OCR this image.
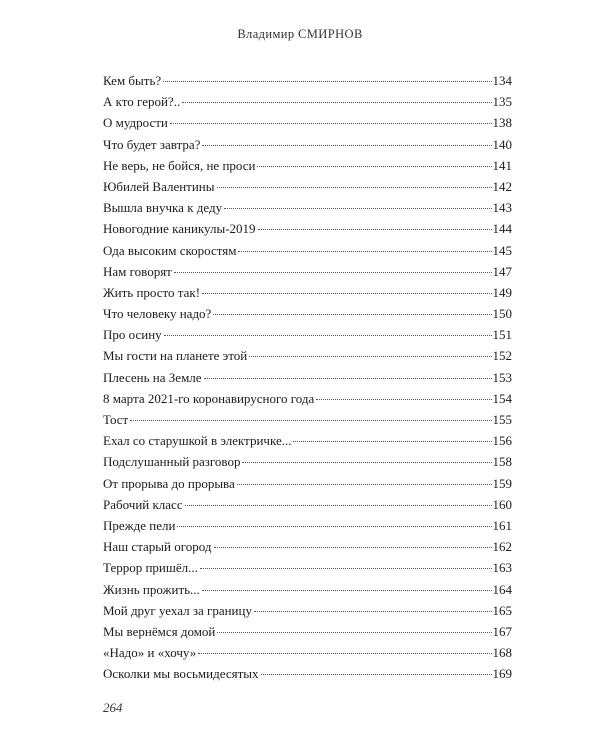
Владимир СМИРНОВ
Кем быть?	134
А кто герой?..	135
О мудрости	138
Что будет завтра?	140
Не верь, не бойся, не проси	141
Юбилей Валентины	142
Вышла внучка к деду	143
Новогодние каникулы-2019	144
Ода высоким скоростям	145
Нам говорят	147
Жить просто так!	149
Что человеку надо?	150
Про осину	151
Мы гости на планете этой	152
Плесень на Земле	153
8 марта 2021-го коронавирусного года	154
Тост	155
Ехал со старушкой в электричке...	156
Подслушанный разговор	158
От прорыва до прорыва	159
Рабочий класс	160
Прежде пели	161
Наш старый огород	162
Террор пришёл...	163
Жизнь прожить...	164
Мой друг уехал за границу	165
Мы вернёмся домой	167
«Надо» и «хочу»	168
Осколки мы восьмидесятых	169
264
